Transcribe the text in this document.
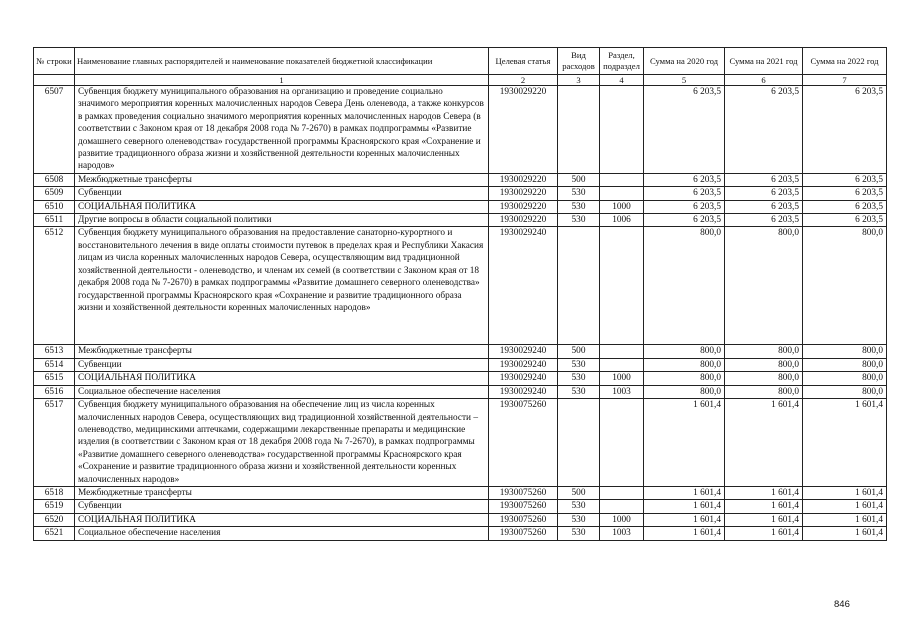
№ строки	Наименование главных распорядителей и наименование показателей бюджетной классификации	Целевая статья	Вид расходов	Раздел, подраздел	Сумма на 2020 год	Сумма на 2021 год	Сумма на 2022 год
	1	2	3	4	5	6	7
6507	Субвенция бюджету муниципального образования на организацию и проведение социально значимого мероприятия коренных малочисленных народов Севера День оленевода, а также конкурсов в рамках проведения социально значимого мероприятия коренных малочисленных народов Севера (в соответствии с Законом края от 18 декабря 2008 года № 7-2670) в рамках подпрограммы «Развитие домашнего северного оленеводства» государственной программы Красноярского края «Сохранение и развитие традиционного образа жизни и хозяйственной деятельности коренных малочисленных народов»	1930029220			6 203,5	6 203,5	6 203,5
6508	Межбюджетные трансферты	1930029220	500		6 203,5	6 203,5	6 203,5
6509	Субвенции	1930029220	530		6 203,5	6 203,5	6 203,5
6510	СОЦИАЛЬНАЯ ПОЛИТИКА	1930029220	530	1000	6 203,5	6 203,5	6 203,5
6511	Другие вопросы в области социальной политики	1930029220	530	1006	6 203,5	6 203,5	6 203,5
6512	Субвенция бюджету муниципального образования на предоставление санаторно-курортного и восстановительного лечения в виде оплаты стоимости путевок в пределах края и Республики Хакасия лицам из числа коренных малочисленных народов Севера, осуществляющим вид традиционной хозяйственной деятельности - оленеводство, и членам их семей (в соответствии с Законом края от 18 декабря 2008 года № 7-2670) в рамках подпрограммы «Развитие домашнего северного оленеводства» государственной программы Красноярского края «Сохранение и развитие традиционного образа жизни и хозяйственной деятельности коренных малочисленных народов»	1930029240			800,0	800,0	800,0
6513	Межбюджетные трансферты	1930029240	500		800,0	800,0	800,0
6514	Субвенции	1930029240	530		800,0	800,0	800,0
6515	СОЦИАЛЬНАЯ ПОЛИТИКА	1930029240	530	1000	800,0	800,0	800,0
6516	Социальное обеспечение населения	1930029240	530	1003	800,0	800,0	800,0
6517	Субвенция бюджету муниципального образования на обеспечение лиц из числа коренных малочисленных народов Севера, осуществляющих вид традиционной хозяйственной деятельности – оленеводство, медицинскими аптечками, содержащими лекарственные препараты и медицинские изделия (в соответствии с Законом края от 18 декабря 2008 года № 7-2670), в рамках подпрограммы «Развитие домашнего северного оленеводства» государственной программы Красноярского края «Сохранение и развитие традиционного образа жизни и хозяйственной деятельности коренных малочисленных народов»	1930075260			1 601,4	1 601,4	1 601,4
6518	Межбюджетные трансферты	1930075260	500		1 601,4	1 601,4	1 601,4
6519	Субвенции	1930075260	530		1 601,4	1 601,4	1 601,4
6520	СОЦИАЛЬНАЯ ПОЛИТИКА	1930075260	530	1000	1 601,4	1 601,4	1 601,4
6521	Социальное обеспечение населения	1930075260	530	1003	1 601,4	1 601,4	1 601,4
846
